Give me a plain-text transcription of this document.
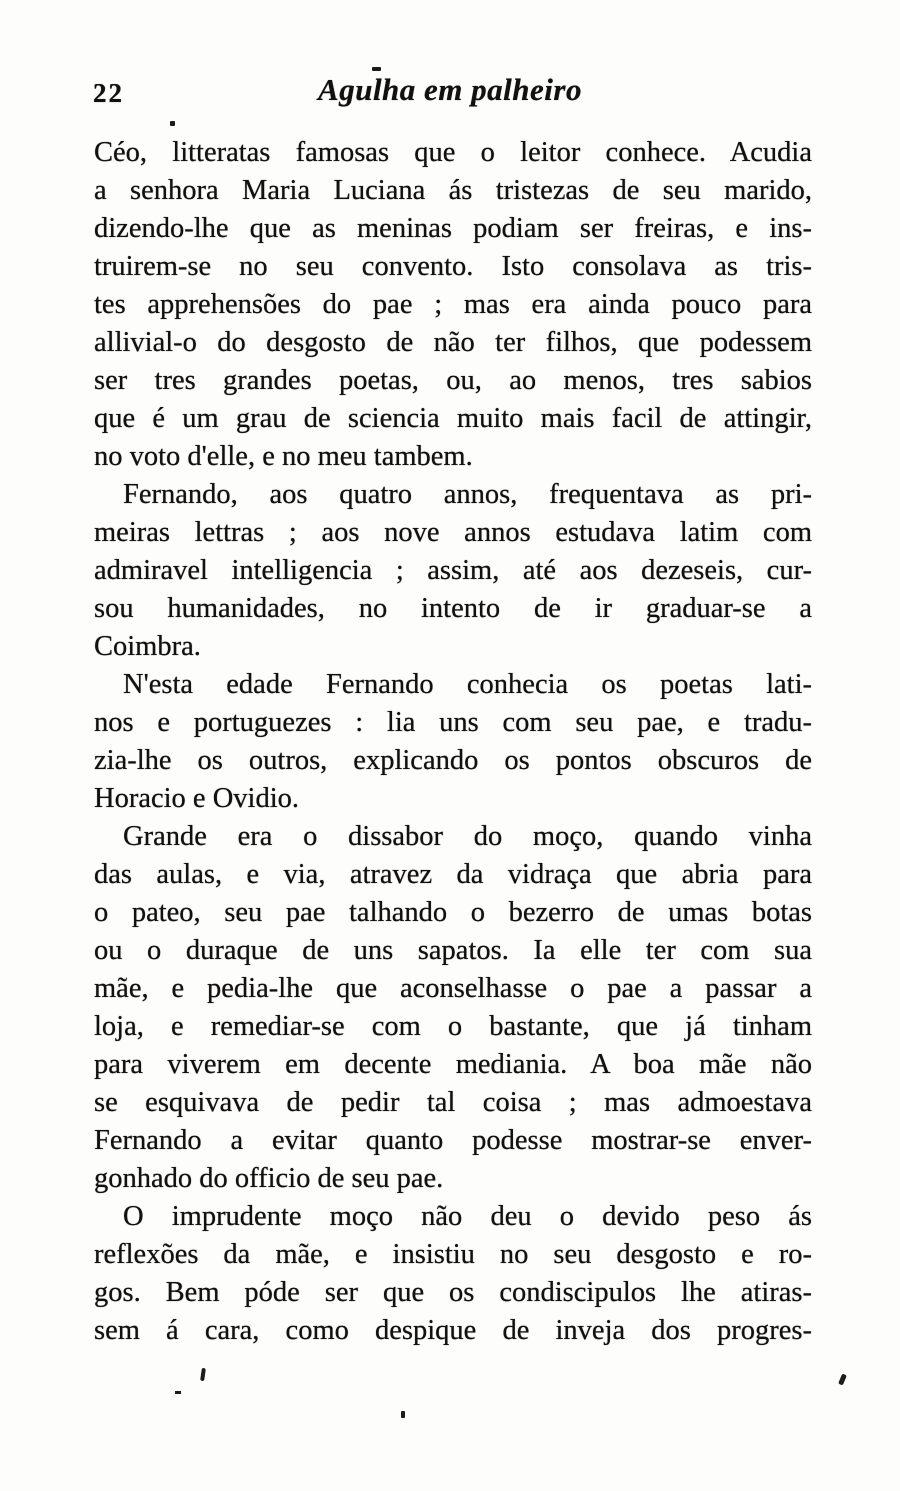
22	Agulha em palheiro
Céo, litteratas famosas que o leitor conhece. Acudia
a senhora Maria Luciana ás tristezas de seu marido,
dizendo-lhe que as meninas podiam ser freiras, e ins-
truirem-se no seu convento. Isto consolava as tris-
tes apprehensões do pae ; mas era ainda pouco para
allivial-o do desgosto de não ter filhos, que podessem
ser tres grandes poetas, ou, ao menos, tres sabios
que é um grau de sciencia muito mais facil de attingir,
no voto d'elle, e no meu tambem.
Fernando, aos quatro annos, frequentava as pri-
meiras lettras ; aos nove annos estudava latim com
admiravel intelligencia ; assim, até aos dezeseis, cur-
sou humanidades, no intento de ir graduar-se a
Coimbra.
N'esta edade Fernando conhecia os poetas lati-
nos e portuguezes : lia uns com seu pae, e tradu-
zia-lhe os outros, explicando os pontos obscuros de
Horacio e Ovidio.
Grande era o dissabor do moço, quando vinha
das aulas, e via, atravez da vidraça que abria para
o pateo, seu pae talhando o bezerro de umas botas
ou o duraque de uns sapatos. Ia elle ter com sua
mãe, e pedia-lhe que aconselhasse o pae a passar a
loja, e remediar-se com o bastante, que já tinham
para viverem em decente mediania. A boa mãe não
se esquivava de pedir tal coisa ; mas admoestava
Fernando a evitar quanto podesse mostrar-se enver-
gonhado do officio de seu pae.
O imprudente moço não deu o devido peso ás
reflexões da mãe, e insistiu no seu desgosto e ro-
gos. Bem póde ser que os condiscipulos lhe atiras-
sem á cara, como despique de inveja dos progres-
